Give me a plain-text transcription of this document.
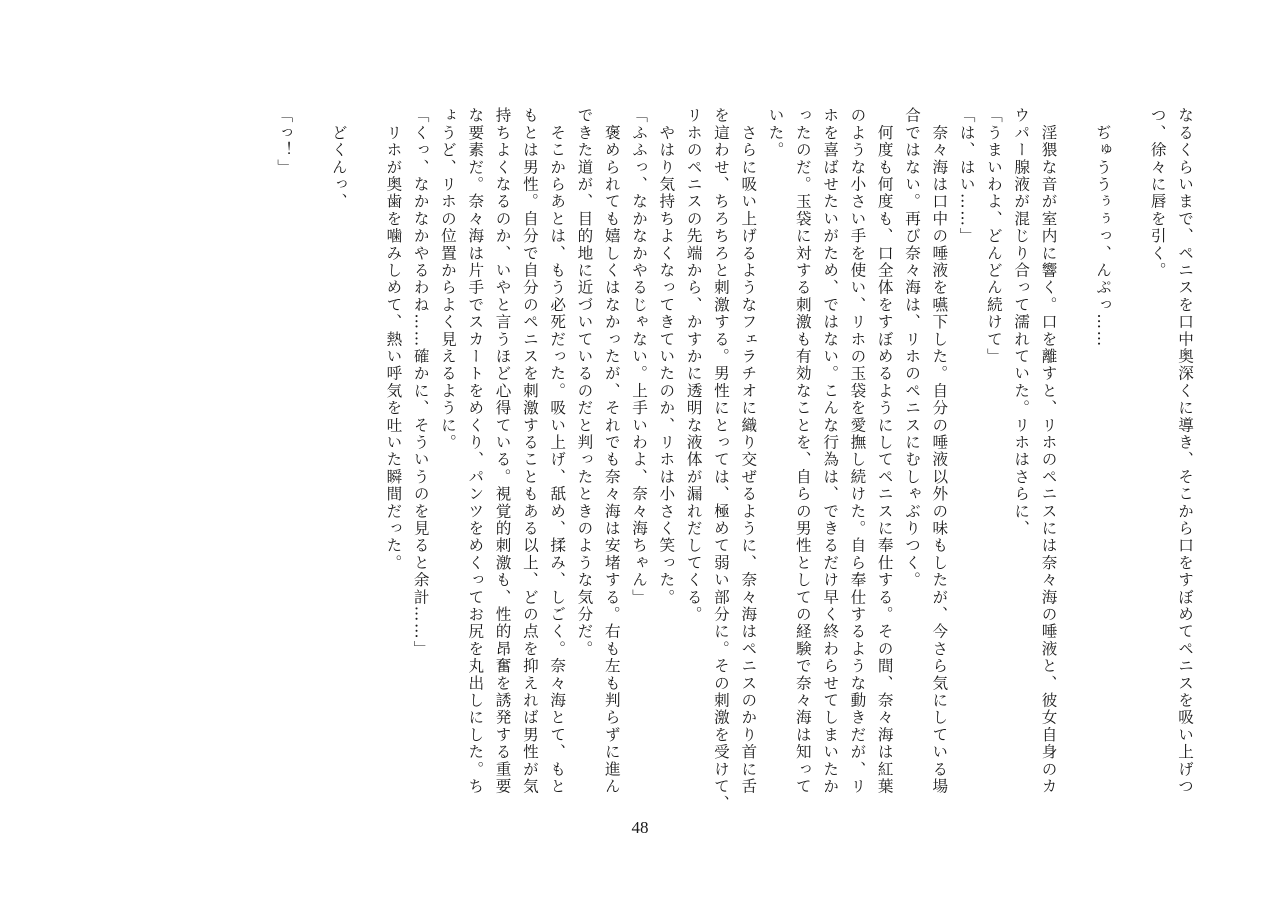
なるくらいまで、ペニスを口中奥深くに導き、そこから口をすぼめてペニスを吸い上げつ
つ、徐々に唇を引く。

　ぢゅううぅぅっ、んぷっ……

　淫猥な音が室内に響く。口を離すと、リホのペニスには奈々海の唾液と、彼女自身のカ
ウパー腺液が混じり合って濡れていた。リホはさらに、
「うまいわよ、どんどん続けて」
「は、はい……」
　奈々海は口中の唾液を嚥下した。自分の唾液以外の味もしたが、今さら気にしている場
合ではない。再び奈々海は、リホのペニスにむしゃぶりつく。
　何度も何度も、口全体をすぼめるようにしてペニスに奉仕する。その間、奈々海は紅葉
のような小さい手を使い、リホの玉袋を愛撫し続けた。自ら奉仕するような動きだが、リ
ホを喜ばせたいがため、ではない。こんな行為は、できるだけ早く終わらせてしまいたか
ったのだ。玉袋に対する刺激も有効なことを、自らの男性としての経験で奈々海は知って
いた。
　さらに吸い上げるようなフェラチオに織り交ぜるように、奈々海はペニスのかり首に舌
を這わせ、ちろちろと刺激する。男性にとっては、極めて弱い部分に。その刺激を受けて、
リホのペニスの先端から、かすかに透明な液体が漏れだしてくる。
　やはり気持ちよくなってきていたのか、リホは小さく笑った。
「ふふっ、なかなかやるじゃない。上手いわよ、奈々海ちゃん」
　褒められても嬉しくはなかったが、それでも奈々海は安堵する。右も左も判らずに進ん
できた道が、目的地に近づいているのだと判ったときのような気分だ。
　そこからあとは、もう必死だった。吸い上げ、舐め、揉み、しごく。奈々海とて、もと
もとは男性。自分で自分のペニスを刺激することもある以上、どの点を抑えれば男性が気
持ちよくなるのか、いやと言うほど心得ている。視覚的刺激も、性的昂奮を誘発する重要
な要素だ。奈々海は片手でスカートをめくり、パンツをめくってお尻を丸出しにした。ち
ょうど、リホの位置からよく見えるように。
「くっ、なかなかやるわね……確かに、そういうのを見ると余計……」
　リホが奥歯を噛みしめて、熱い呼気を吐いた瞬間だった。

　どくんっ、

「っ！」
48
